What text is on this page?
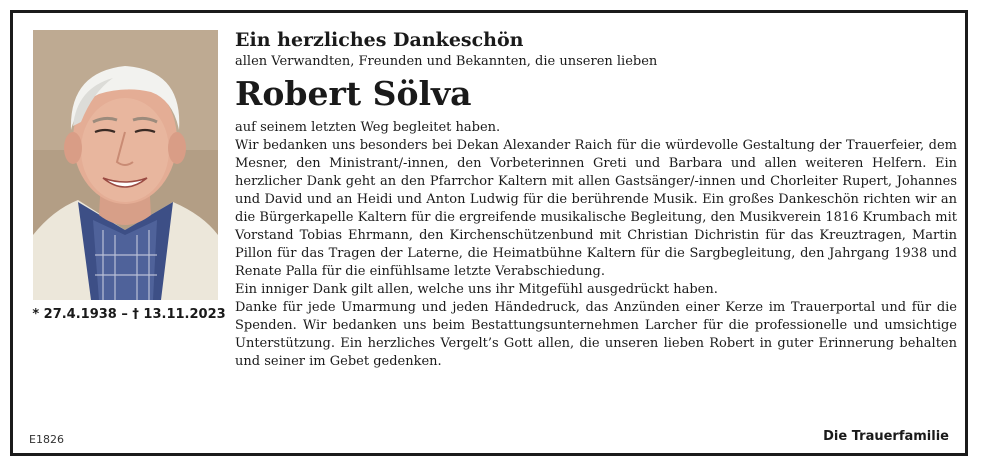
* 27.4.1938 – † 13.11.2023
Ein herzliches Dankeschön
allen Verwandten, Freunden und Bekannten, die unseren lieben
Robert Sölva

auf seinem letzten Weg begleitet haben.

Wir bedanken uns besonders bei Dekan Alexander Raich für die würdevolle Gestaltung der Trauerfeier, dem Mesner, den Ministrant/-innen, den Vorbeterinnen Greti und Barbara und allen weiteren Helfern. Ein herzlicher Dank geht an den Pfarrchor Kaltern mit allen Gastsänger/-innen und Chorleiter Rupert, Johannes und David und an Heidi und Anton Ludwig für die berührende Musik. Ein großes Dankeschön richten wir an die Bürgerkapelle Kaltern für die ergreifende musikalische Begleitung, den Musikverein 1816 Krumbach mit Vorstand Tobias Ehrmann, den Kirchenschützenbund mit Christian Dichristin für das Kreuztragen, Martin Pillon für das Tragen der Laterne, die Heimatbühne Kaltern für die Sargbegleitung, den Jahrgang 1938 und Renate Palla für die einfühlsame letzte Verabschiedung.

Ein inniger Dank gilt allen, welche uns ihr Mitgefühl ausgedrückt haben.

Danke für jede Umarmung und jeden Händedruck, das Anzünden einer Kerze im Trauerportal und für die Spenden. Wir bedanken uns beim Bestattungsunternehmen Larcher für die professionelle und umsichtige Unterstützung. Ein herzliches Vergelt’s Gott allen, die unseren lieben Robert in guter Erinnerung behalten und seiner im Gebet gedenken.

E1826	Die Trauerfamilie
